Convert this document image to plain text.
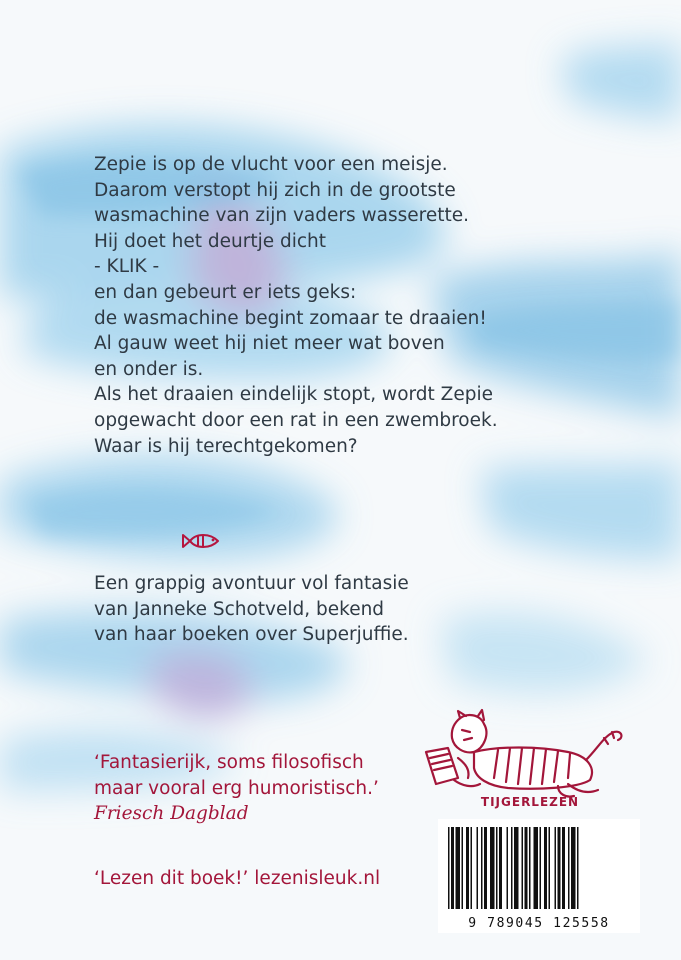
Zepie is op de vlucht voor een meisje.
Daarom verstopt hij zich in de grootste
wasmachine van zijn vaders wasserette.
Hij doet het deurtje dicht
- KLIK -
en dan gebeurt er iets geks:
de wasmachine begint zomaar te draaien!
Al gauw weet hij niet meer wat boven
en onder is.
Als het draaien eindelijk stopt, wordt Zepie
opgewacht door een rat in een zwembroek.
Waar is hij terechtgekomen?
Een grappig avontuur vol fantasie
van Janneke Schotveld, bekend
van haar boeken over Superjuffie.
‘Fantasierijk, soms filosofisch
maar vooral erg humoristisch.’
Friesch Dagblad
‘Lezen dit boek!’ lezenisleuk.nl
TIJGERLEZEN
9 789045 125558
